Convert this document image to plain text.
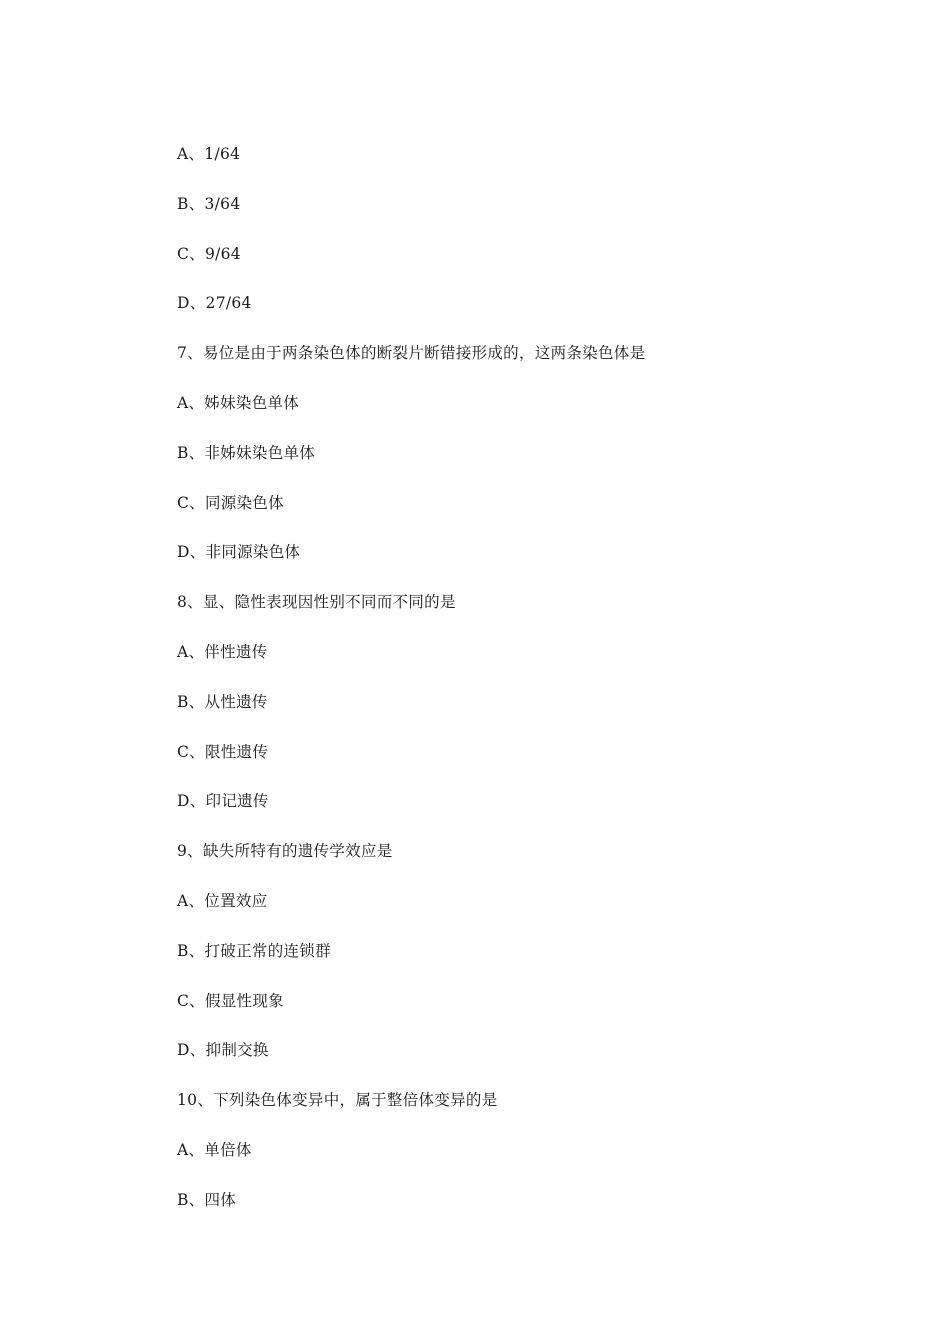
A、1/64
B、3/64
C、9/64
D、27/64
7、易位是由于两条染色体的断裂片断错接形成的，这两条染色体是
A、姊妹染色单体
B、非姊妹染色单体
C、同源染色体
D、非同源染色体
8、显、隐性表现因性别不同而不同的是
A、伴性遗传
B、从性遗传
C、限性遗传
D、印记遗传
9、缺失所特有的遗传学效应是
A、位置效应
B、打破正常的连锁群
C、假显性现象
D、抑制交换
10、下列染色体变异中，属于整倍体变异的是
A、单倍体
B、四体
